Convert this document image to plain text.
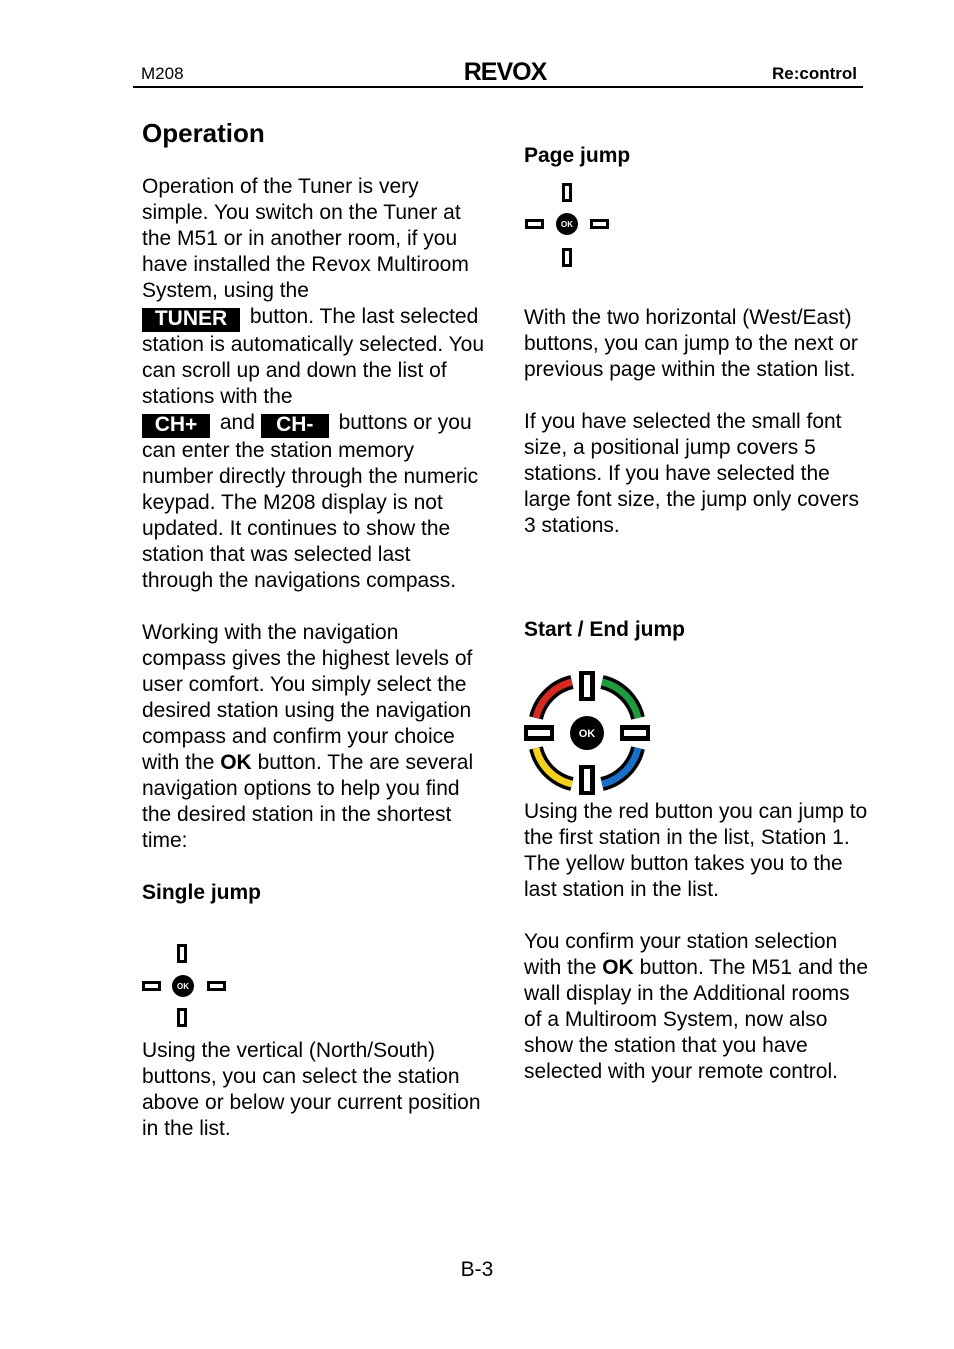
M208	REVOX	Re:control
Operation

Operation of the Tuner is very simple. You switch on the Tuner at the M51 or in another room, if you have installed the Revox Multiroom System, using the
TUNER button. The last selected station is automatically selected. You can scroll up and down the list of stations with the
CH+ and CH- buttons or you can enter the station memory number directly through the numeric keypad. The M208 display is not updated. It continues to show the station that was selected last through the navigations compass.

Working with the navigation compass gives the highest levels of user comfort. You simply select the desired station using the navigation compass and confirm your choice with the OK button. The are several navigation options to help you find the desired station in the shortest time:

Single jump

Using the vertical (North/South) buttons, you can select the station above or below your current position in the list.

OK
Page jump

With the two horizontal (West/East) buttons, you can jump to the next or previous page within the station list.

If you have selected the small font size, a positional jump covers 5 stations. If you have selected the large font size, the jump only covers 3 stations.

Start / End jump

Using the red button you can jump to the first station in the list, Station 1. The yellow button takes you to the last station in the list.

You confirm your station selection with the OK button. The M51 and the wall display in the Additional rooms of a Multiroom System, now also show the station that you have selected with your remote control.

OK
OK
B-3
